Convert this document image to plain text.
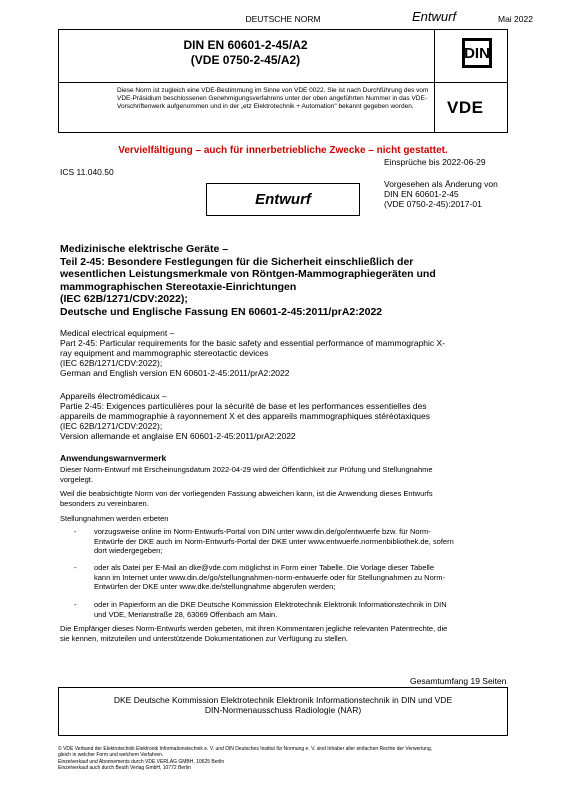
DEUTSCHE NORM	Entwurf	Mai 2022
DIN EN 60601-2-45/A2
(VDE 0750-2-45/A2)	DIN
Diese Norm ist zugleich eine VDE-Bestimmung im Sinne von VDE 0022. Sie ist nach Durchführung des vom VDE-Präsidium beschlossenen Genehmigungsverfahrens unter der oben angeführten Nummer in das VDE-Vorschriftenwerk aufgenommen und in der „etz Elektrotechnik + Automation" bekannt gegeben worden.	VDE
Vervielfältigung – auch für innerbetriebliche Zwecke – nicht gestattet.
Einsprüche bis 2022-06-29
ICS 11.040.50
Entwurf
Vorgesehen als Änderung von
DIN EN 60601-2-45
(VDE 0750-2-45):2017-01
Medizinische elektrische Geräte –
Teil 2-45: Besondere Festlegungen für die Sicherheit einschließlich der
wesentlichen Leistungsmerkmale von Röntgen-Mammographiegeräten und
mammographischen Stereotaxie-Einrichtungen
(IEC 62B/1271/CDV:2022);
Deutsche und Englische Fassung EN 60601-2-45:2011/prA2:2022
Medical electrical equipment –
Part 2-45: Particular requirements for the basic safety and essential performance of mammographic X-
ray equipment and mammographic stereotactic devices
(IEC 62B/1271/CDV:2022);
German and English version EN 60601-2-45:2011/prA2:2022
Appareils électromédicaux –
Partie 2-45: Exigences particulières pour la sécurité de base et les performances essentielles des
appareils de mammographie à rayonnement X et des appareils mammographiques stéréotaxiques
(IEC 62B/1271/CDV:2022);
Version allemande et anglaise EN 60601-2-45:2011/prA2:2022
Anwendungswarnvermerk
Dieser Norm-Entwurf mit Erscheinungsdatum 2022-04-29 wird der Öffentlichkeit zur Prüfung und Stellungnahme
vorgelegt.
Weil die beabsichtigte Norm von der vorliegenden Fassung abweichen kann, ist die Anwendung dieses Entwurfs
besonders zu vereinbaren.
Stellungnahmen werden erbeten
-	vorzugsweise online im Norm-Entwurfs-Portal von DIN unter www.din.de/go/entwuerfe bzw. für Norm-
Entwürfe der DKE auch im Norm-Entwurfs-Portal der DKE unter www.entwuerfe.normenbibliothek.de, sofern
dort wiedergegeben;
-	oder als Datei per E-Mail an dke@vde.com möglichst in Form einer Tabelle. Die Vorlage dieser Tabelle
kann im Internet unter www.din.de/go/stellungnahmen-norm-entwuerfe oder für Stellungnahmen zu Norm-
Entwürfen der DKE unter www.dke.de/stellungnahme abgerufen werden;
-	oder in Papierform an die DKE Deutsche Kommission Elektrotechnik Elektronik Informationstechnik in DIN
und VDE, Merianstraße 28, 63069 Offenbach am Main.
Die Empfänger dieses Norm-Entwurfs werden gebeten, mit ihren Kommentaren jegliche relevanten Patentrechte, die
sie kennen, mitzuteilen und unterstützende Dokumentationen zur Verfügung zu stellen.
Gesamtumfang 19 Seiten
DKE Deutsche Kommission Elektrotechnik Elektronik Informationstechnik in DIN und VDE
DIN-Normenausschuss Radiologie (NAR)
© VDE Verband der Elektrotechnik Elektronik Informationstechnik e. V. und DIN Deutsches Institut für Normung e. V. sind Inhaber aller einfachen Rechte der Verwertung,
gleich in welcher Form und welchem Verfahren.
Einzelverkauf und Abonnements durch VDE VERLAG GMBH, 10625 Berlin
Einzelverkauf auch durch Beuth Verlag GmbH, 10772 Berlin
